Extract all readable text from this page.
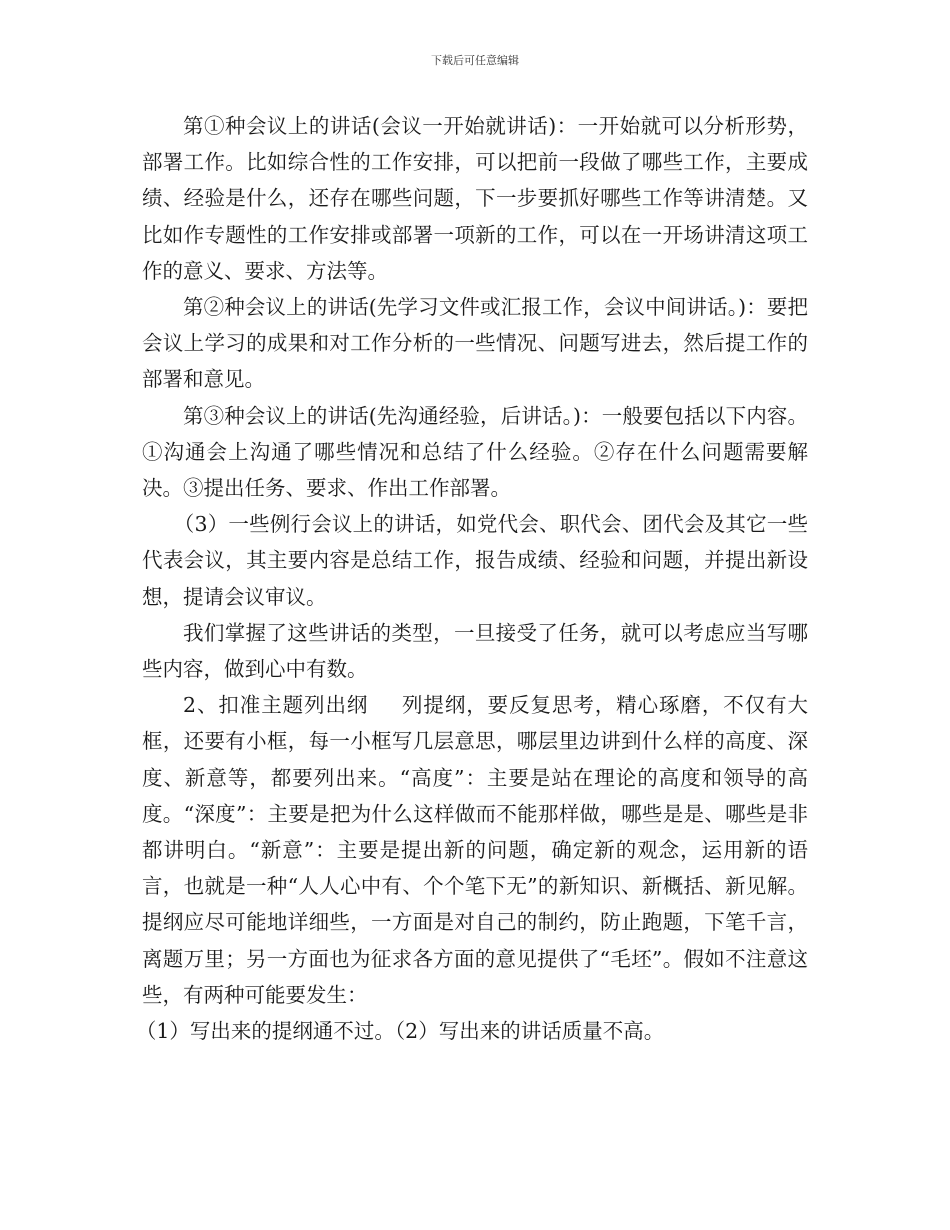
下载后可任意编辑

第①种会议上的讲话(会议一开始就讲话)：一开始就可以分析形势，部署工作。比如综合性的工作安排，可以把前一段做了哪些工作，主要成绩、经验是什么，还存在哪些问题，下一步要抓好哪些工作等讲清楚。又比如作专题性的工作安排或部署一项新的工作，可以在一开场讲清这项工作的意义、要求、方法等。

第②种会议上的讲话(先学习文件或汇报工作，会议中间讲话。)：要把会议上学习的成果和对工作分析的一些情况、问题写进去，然后提工作的部署和意见。

第③种会议上的讲话(先沟通经验，后讲话。)：一般要包括以下内容。①沟通会上沟通了哪些情况和总结了什么经验。②存在什么问题需要解决。③提出任务、要求、作出工作部署。

（3）一些例行会议上的讲话，如党代会、职代会、团代会及其它一些代表会议，其主要内容是总结工作，报告成绩、经验和问题，并提出新设想，提请会议审议。

我们掌握了这些讲话的类型，一旦接受了任务，就可以考虑应当写哪些内容，做到心中有数。

2、扣准主题列出纲 列提纲，要反复思考，精心琢磨，不仅有大框，还要有小框，每一小框写几层意思，哪层里边讲到什么样的高度、深度、新意等，都要列出来。“高度”：主要是站在理论的高度和领导的高度。“深度”：主要是把为什么这样做而不能那样做，哪些是是、哪些是非都讲明白。“新意”：主要是提出新的问题，确定新的观念，运用新的语言，也就是一种“人人心中有、个个笔下无”的新知识、新概括、新见解。提纲应尽可能地详细些，一方面是对自己的制约，防止跑题，下笔千言，离题万里；另一方面也为征求各方面的意见提供了“毛坯”。假如不注意这些，有两种可能要发生：

（1）写出来的提纲通不过。（2）写出来的讲话质量不高。
